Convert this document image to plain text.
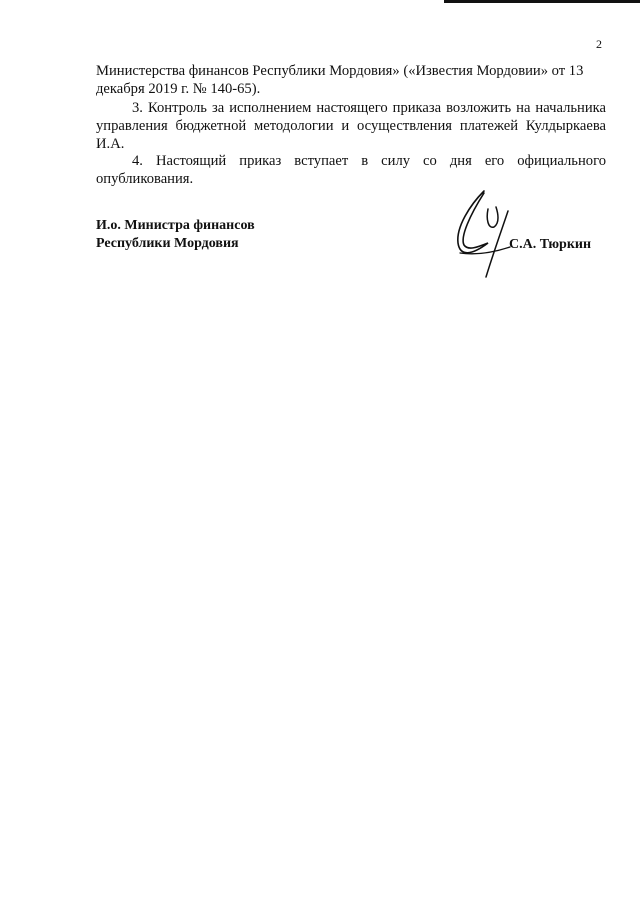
2

Министерства финансов Республики Мордовия» («Известия Мордовии» от 13 декабря 2019 г. № 140-65).

3. Контроль за исполнением настоящего приказа возложить на начальника управления бюджетной методологии и осуществления платежей Кулдыркаева И.А.

4. Настоящий приказ вступает в силу со дня его официального опубликования.

И.о. Министра финансов
Республики Мордовия	С.А. Тюркин
